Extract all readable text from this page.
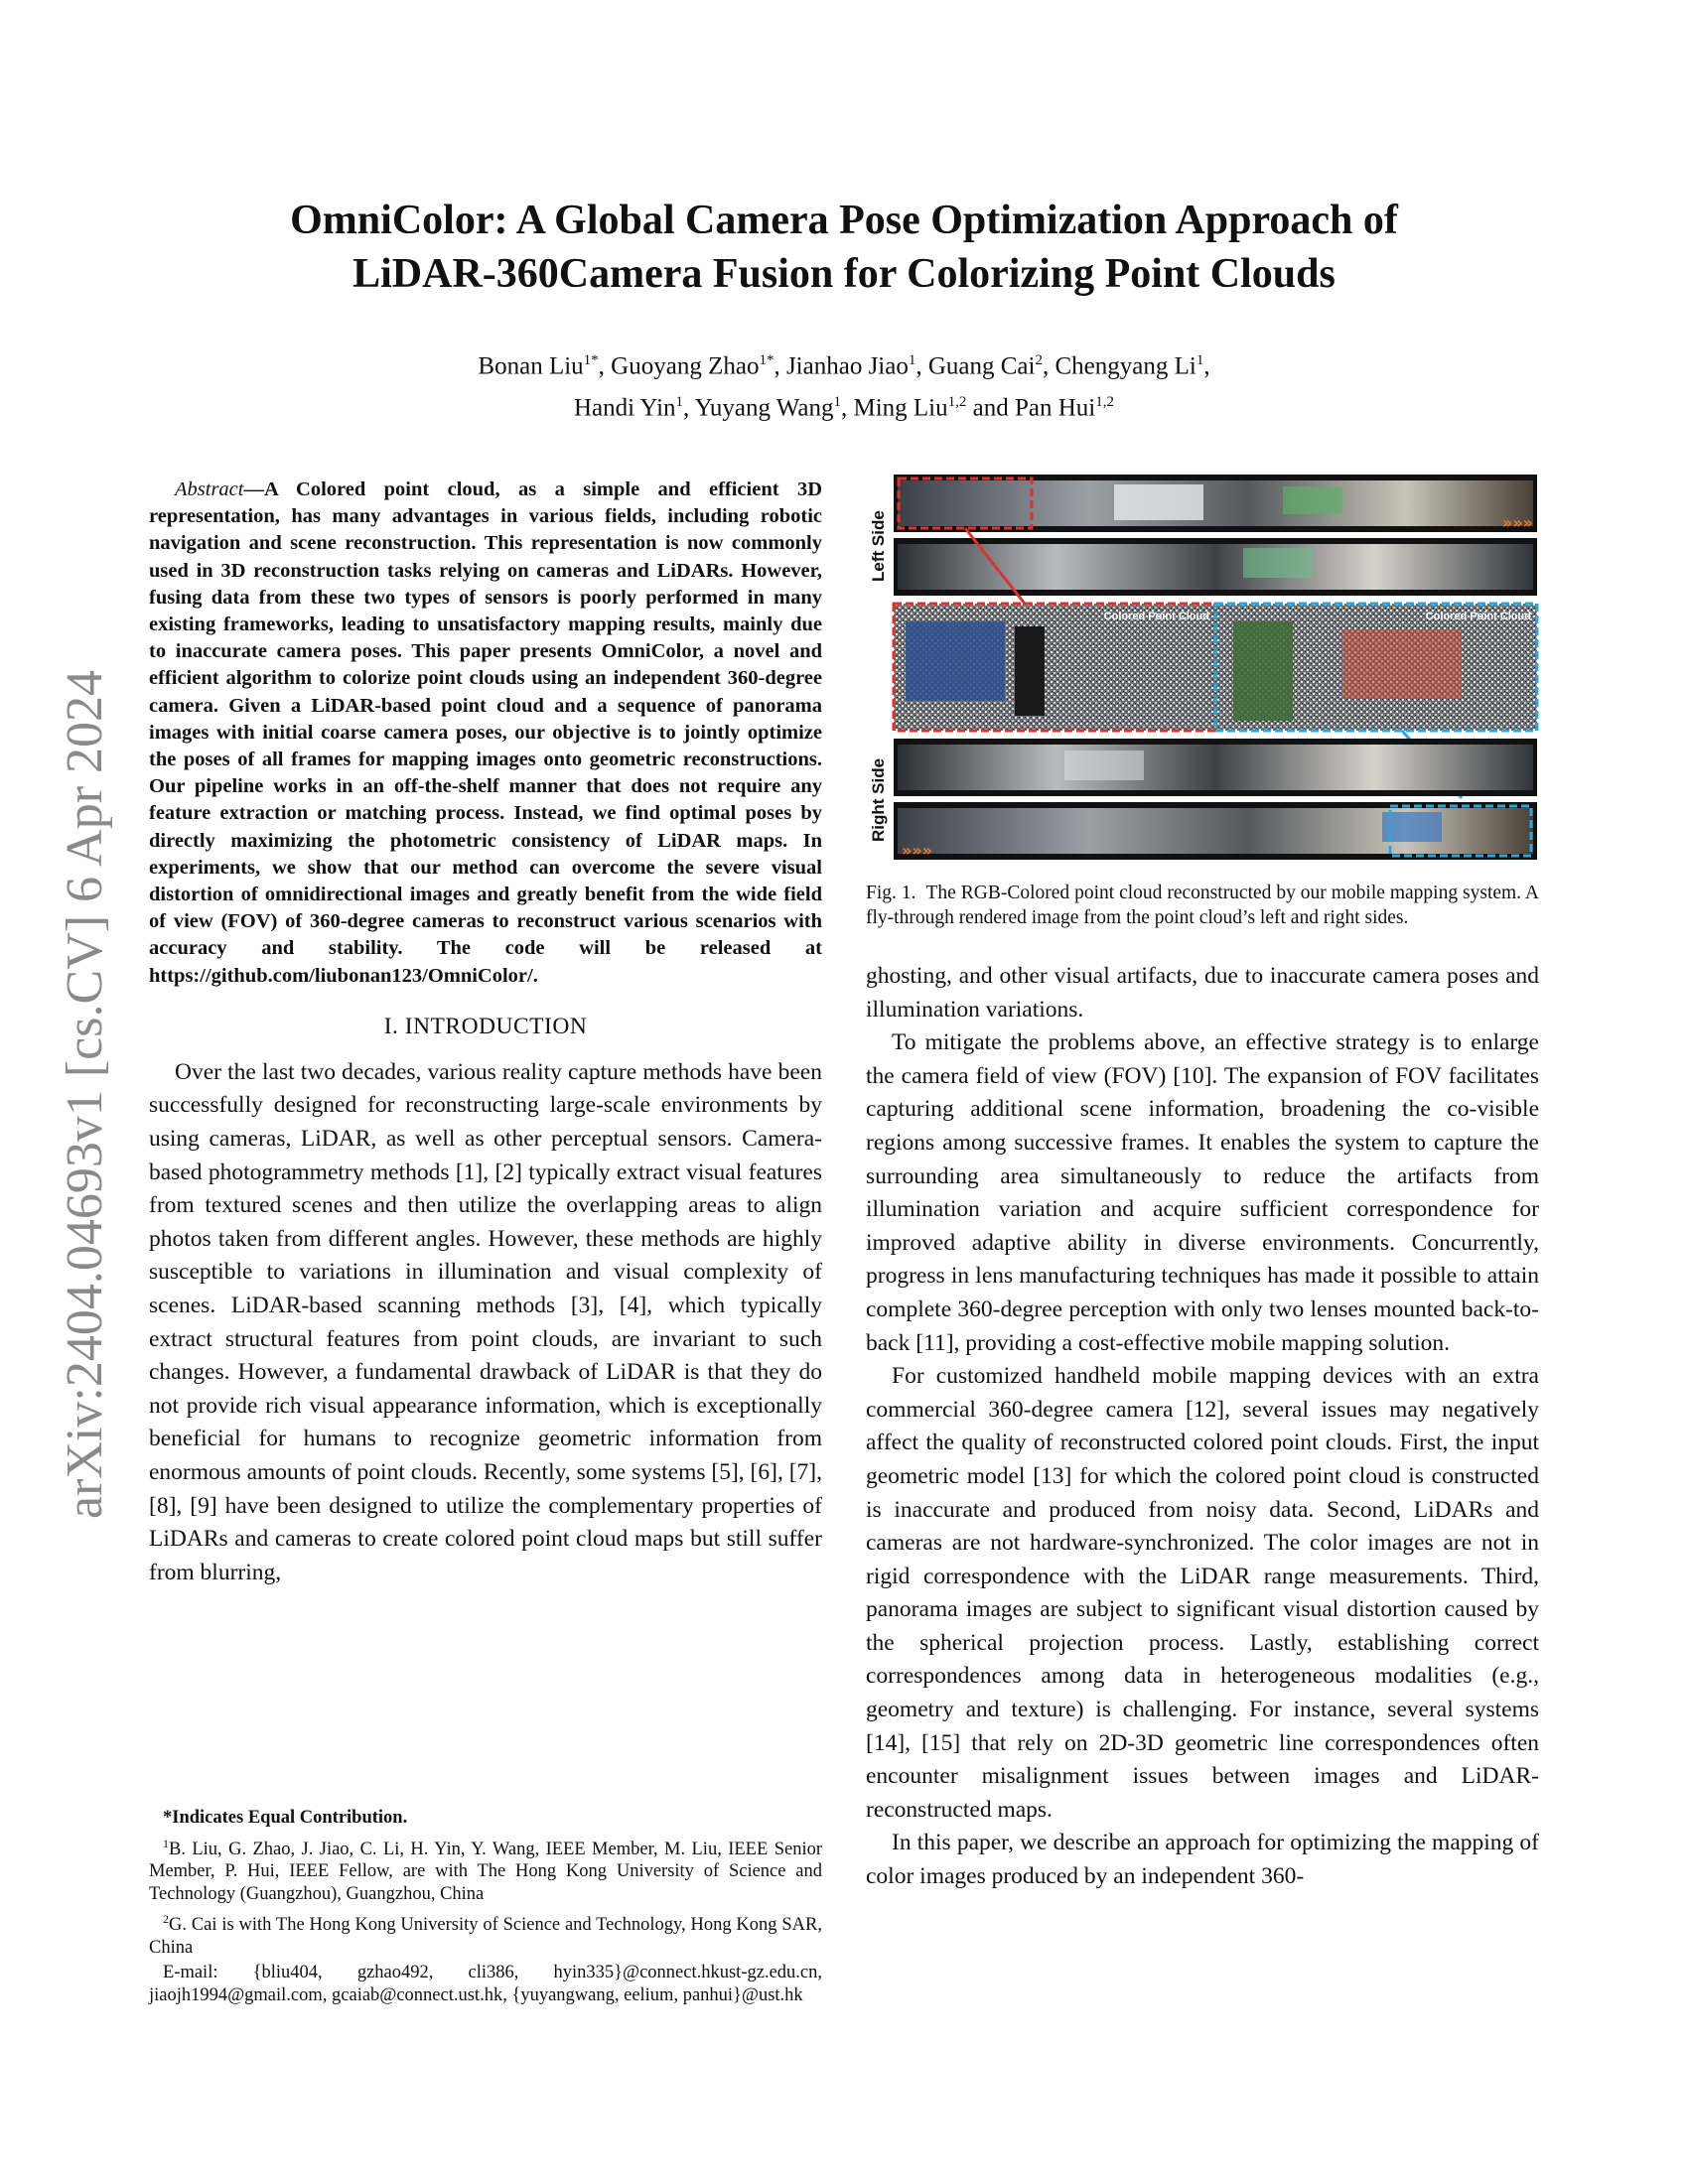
arXiv:2404.04693v1 [cs.CV] 6 Apr 2024
OmniColor: A Global Camera Pose Optimization Approach of
LiDAR-360Camera Fusion for Colorizing Point Clouds
Bonan Liu$^{1*}$, Guoyang Zhao$^{1*}$, Jianhao Jiao$^1$, Guang Cai$^2$, Chengyang Li$^1$,
Handi Yin$^1$, Yuyang Wang$^1$, Ming Liu$^{1,2}$ and Pan Hui$^{1,2}$

Abstract—A Colored point cloud, as a simple and efficient 3D representation, has many advantages in various fields, including robotic navigation and scene reconstruction. This representation is now commonly used in 3D reconstruction tasks relying on cameras and LiDARs. However, fusing data from these two types of sensors is poorly performed in many existing frameworks, leading to unsatisfactory mapping results, mainly due to inaccurate camera poses. This paper presents OmniColor, a novel and efficient algorithm to colorize point clouds using an independent 360-degree camera. Given a LiDAR-based point cloud and a sequence of panorama images with initial coarse camera poses, our objective is to jointly optimize the poses of all frames for mapping images onto geometric reconstructions. Our pipeline works in an off-the-shelf manner that does not require any feature extraction or matching process. Instead, we find optimal poses by directly maximizing the photometric consistency of LiDAR maps. In experiments, we show that our method can overcome the severe visual distortion of omnidirectional images and greatly benefit from the wide field of view (FOV) of 360-degree cameras to reconstruct various scenarios with accuracy and stability. The code will be released at https://github.com/liubonan123/OmniColor/.

I. INTRODUCTION

Over the last two decades, various reality capture methods have been successfully designed for reconstructing large-scale environments by using cameras, LiDAR, as well as other perceptual sensors. Camera-based photogrammetry methods [1], [2] typically extract visual features from textured scenes and then utilize the overlapping areas to align photos taken from different angles. However, these methods are highly susceptible to variations in illumination and visual complexity of scenes. LiDAR-based scanning methods [3], [4], which typically extract structural features from point clouds, are invariant to such changes. However, a fundamental drawback of LiDAR is that they do not provide rich visual appearance information, which is exceptionally beneficial for humans to recognize geometric information from enormous amounts of point clouds. Recently, some systems [5], [6], [7], [8], [9] have been designed to utilize the complementary properties of LiDARs and cameras to create colored point cloud maps but still suffer from blurring,

*Indicates Equal Contribution.

$^1$B. Liu, G. Zhao, J. Jiao, C. Li, H. Yin, Y. Wang, IEEE Member, M. Liu, IEEE Senior Member, P. Hui, IEEE Fellow, are with The Hong Kong University of Science and Technology (Guangzhou), Guangzhou, China

$^2$G. Cai is with The Hong Kong University of Science and Technology, Hong Kong SAR, China

E-mail: {bliu404, gzhao492, cli386, hyin335}@connect.hkust-gz.edu.cn, jiaojh1994@gmail.com, gcaiab@connect.ust.hk, {yuyangwang, eelium, panhui}@ust.hk

Left Side
Colored Point Cloud	Colored Point Cloud
Right Side
»»»
»»»

Fig. 1. The RGB-Colored point cloud reconstructed by our mobile mapping system. A fly-through rendered image from the point cloud’s left and right sides.

ghosting, and other visual artifacts, due to inaccurate camera poses and illumination variations.

To mitigate the problems above, an effective strategy is to enlarge the camera field of view (FOV) [10]. The expansion of FOV facilitates capturing additional scene information, broadening the co-visible regions among successive frames. It enables the system to capture the surrounding area simultaneously to reduce the artifacts from illumination variation and acquire sufficient correspondence for improved adaptive ability in diverse environments. Concurrently, progress in lens manufacturing techniques has made it possible to attain complete 360-degree perception with only two lenses mounted back-to-back [11], providing a cost-effective mobile mapping solution.

For customized handheld mobile mapping devices with an extra commercial 360-degree camera [12], several issues may negatively affect the quality of reconstructed colored point clouds. First, the input geometric model [13] for which the colored point cloud is constructed is inaccurate and produced from noisy data. Second, LiDARs and cameras are not hardware-synchronized. The color images are not in rigid correspondence with the LiDAR range measurements. Third, panorama images are subject to significant visual distortion caused by the spherical projection process. Lastly, establishing correct correspondences among data in heterogeneous modalities (e.g., geometry and texture) is challenging. For instance, several systems [14], [15] that rely on 2D-3D geometric line correspondences often encounter misalignment issues between images and LiDAR-reconstructed maps.

In this paper, we describe an approach for optimizing the mapping of color images produced by an independent 360-
